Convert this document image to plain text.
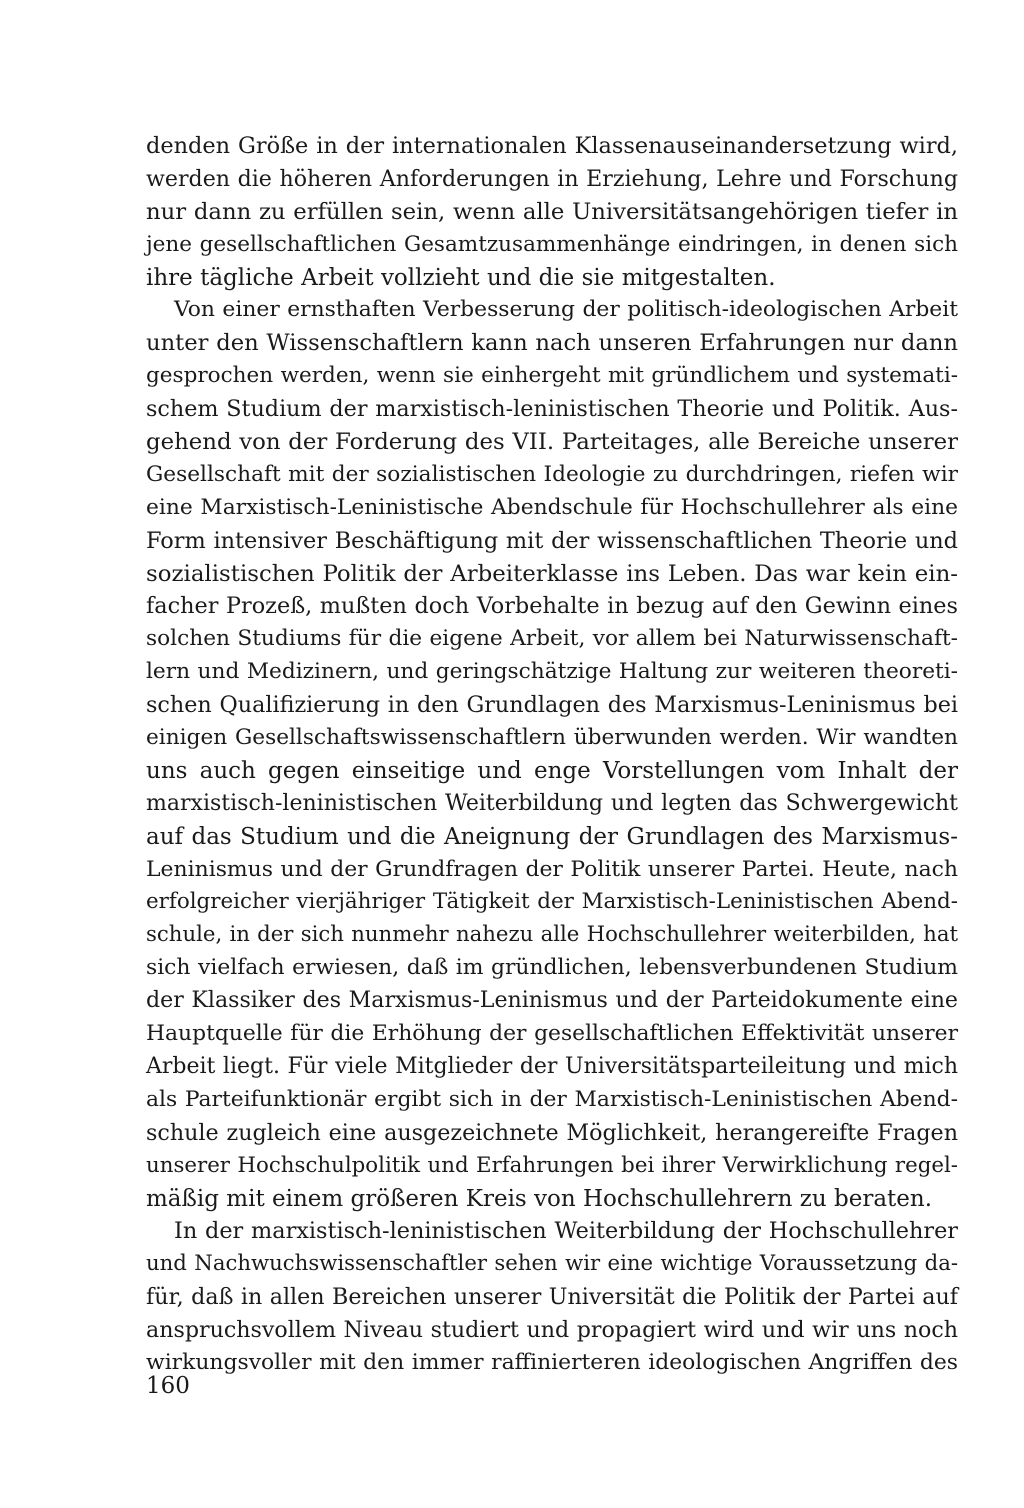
denden Größe in der internationalen Klassenauseinandersetzung wird,
werden die höheren Anforderungen in Erziehung, Lehre und Forschung
nur dann zu erfüllen sein, wenn alle Universitätsangehörigen tiefer in
jene gesellschaftlichen Gesamtzusammenhänge eindringen, in denen sich
ihre tägliche Arbeit vollzieht und die sie mitgestalten.
Von einer ernsthaften Verbesserung der politisch-ideologischen Arbeit
unter den Wissenschaftlern kann nach unseren Erfahrungen nur dann
gesprochen werden, wenn sie einhergeht mit gründlichem und systemati-
schem Studium der marxistisch-leninistischen Theorie und Politik. Aus-
gehend von der Forderung des VII. Parteitages, alle Bereiche unserer
Gesellschaft mit der sozialistischen Ideologie zu durchdringen, riefen wir
eine Marxistisch-Leninistische Abendschule für Hochschullehrer als eine
Form intensiver Beschäftigung mit der wissenschaftlichen Theorie und
sozialistischen Politik der Arbeiterklasse ins Leben. Das war kein ein-
facher Prozeß, mußten doch Vorbehalte in bezug auf den Gewinn eines
solchen Studiums für die eigene Arbeit, vor allem bei Naturwissenschaft-
lern und Medizinern, und geringschätzige Haltung zur weiteren theoreti-
schen Qualifizierung in den Grundlagen des Marxismus-Leninismus bei
einigen Gesellschaftswissenschaftlern überwunden werden. Wir wandten
uns auch gegen einseitige und enge Vorstellungen vom Inhalt der
marxistisch-leninistischen Weiterbildung und legten das Schwergewicht
auf das Studium und die Aneignung der Grundlagen des Marxismus-
Leninismus und der Grundfragen der Politik unserer Partei. Heute, nach
erfolgreicher vierjähriger Tätigkeit der Marxistisch-Leninistischen Abend-
schule, in der sich nunmehr nahezu alle Hochschullehrer weiterbilden, hat
sich vielfach erwiesen, daß im gründlichen, lebensverbundenen Studium
der Klassiker des Marxismus-Leninismus und der Parteidokumente eine
Hauptquelle für die Erhöhung der gesellschaftlichen Effektivität unserer
Arbeit liegt. Für viele Mitglieder der Universitätsparteileitung und mich
als Parteifunktionär ergibt sich in der Marxistisch-Leninistischen Abend-
schule zugleich eine ausgezeichnete Möglichkeit, herangereifte Fragen
unserer Hochschulpolitik und Erfahrungen bei ihrer Verwirklichung regel-
mäßig mit einem größeren Kreis von Hochschullehrern zu beraten.
In der marxistisch-leninistischen Weiterbildung der Hochschullehrer
und Nachwuchswissenschaftler sehen wir eine wichtige Voraussetzung da-
für, daß in allen Bereichen unserer Universität die Politik der Partei auf
anspruchsvollem Niveau studiert und propagiert wird und wir uns noch
wirkungsvoller mit den immer raffinierteren ideologischen Angriffen des
160
